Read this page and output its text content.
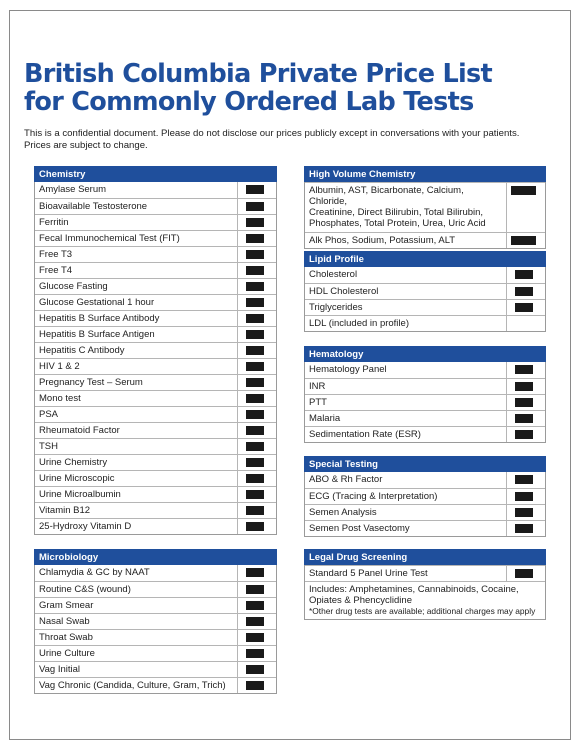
British Columbia Private Price List
for Commonly Ordered Lab Tests
This is a confidential document. Please do not disclose our prices publicly except in conversations with your patients.
Prices are subject to change.
Chemistry
Amylase Serum
Bioavailable Testosterone
Ferritin
Fecal Immunochemical Test (FIT)
Free T3
Free T4
Glucose Fasting
Glucose Gestational 1 hour
Hepatitis B Surface Antibody
Hepatitis B Surface Antigen
Hepatitis C Antibody
HIV 1 & 2
Pregnancy Test – Serum
Mono test
PSA
Rheumatoid Factor
TSH
Urine Chemistry
Urine Microscopic
Urine Microalbumin
Vitamin B12
25-Hydroxy Vitamin D
Microbiology
Chlamydia & GC by NAAT
Routine C&S (wound)
Gram Smear
Nasal Swab
Throat Swab
Urine Culture
Vag Initial
Vag Chronic (Candida, Culture, Gram, Trich)
High Volume Chemistry
Albumin, AST, Bicarbonate, Calcium, Chloride,
Creatinine, Direct Bilirubin, Total Bilirubin,
Phosphates, Total Protein, Urea, Uric Acid
Alk Phos, Sodium, Potassium, ALT
Lipid Profile
Cholesterol
HDL Cholesterol
Triglycerides
LDL (included in profile)
Hematology
Hematology Panel
INR
PTT
Malaria
Sedimentation Rate (ESR)
Special Testing
ABO & Rh Factor
ECG (Tracing & Interpretation)
Semen Analysis
Semen Post Vasectomy
Legal Drug Screening
Standard 5 Panel Urine Test
Includes: Amphetamines, Cannabinoids, Cocaine,
Opiates & Phencyclidine
*Other drug tests are available; additional charges may apply
